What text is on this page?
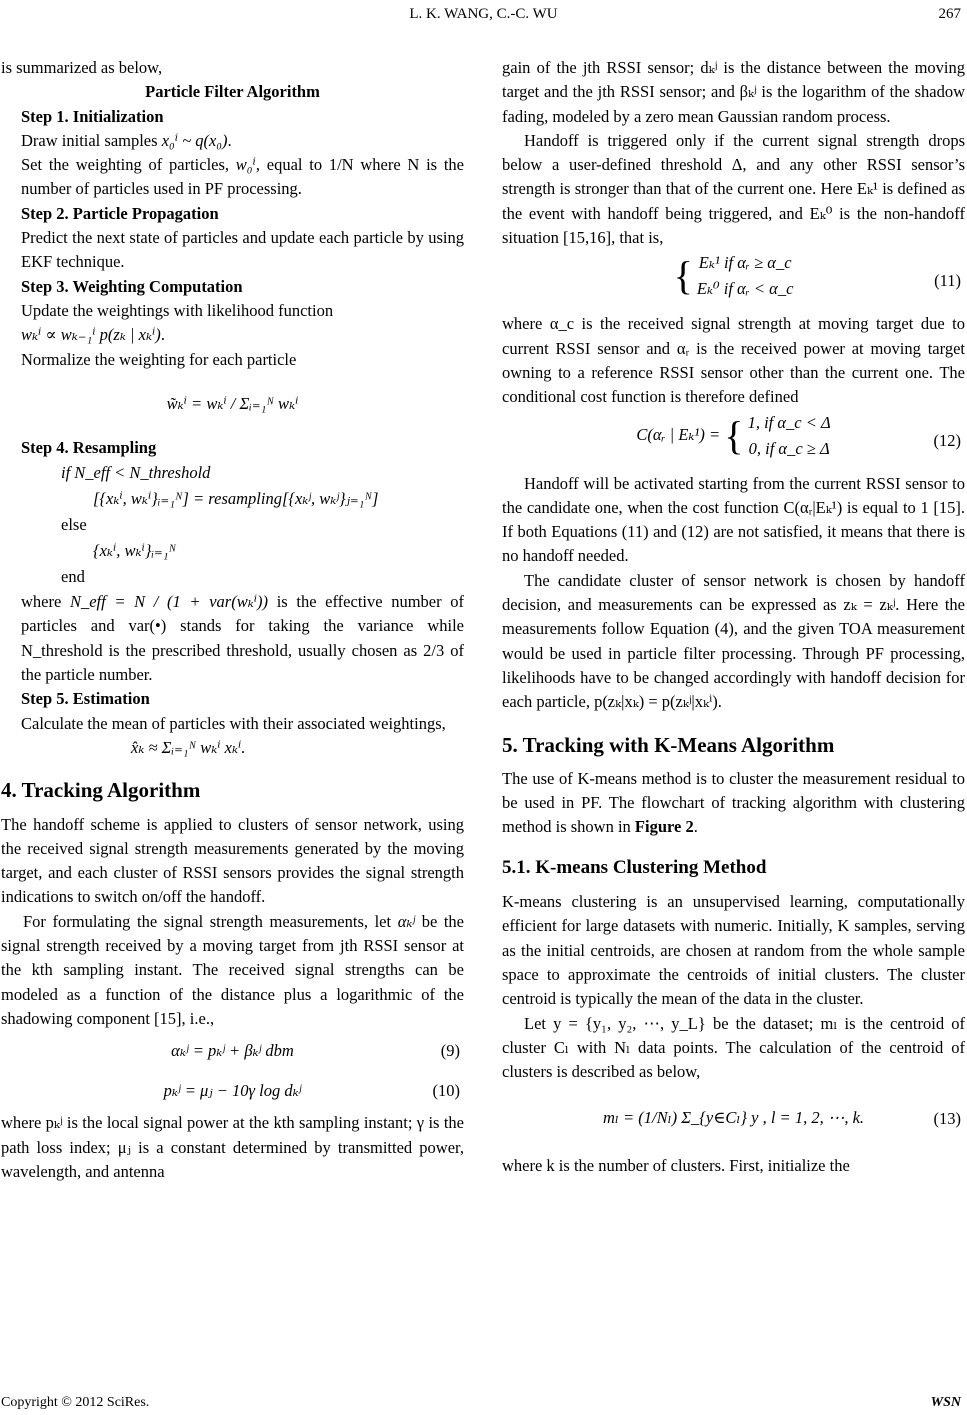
L. K. WANG, C.-C. WU	267

is summarized as below,

Particle Filter Algorithm

Step 1. Initialization

Draw initial samples x₀ⁱ ~ q(x₀).

Set the weighting of particles, w₀ⁱ, equal to 1/N where N is the number of particles used in PF processing.

Step 2. Particle Propagation

Predict the next state of particles and update each particle by using EKF technique.

Step 3. Weighting Computation

Update the weightings with likelihood function

wₖⁱ ∝ wₖ₋₁ⁱ p(zₖ | xₖⁱ).

Normalize the weighting for each particle

w̃ₖⁱ = wₖⁱ / Σᵢ₌₁ᴺ wₖⁱ

Step 4. Resampling

if N_eff < N_threshold
[{xₖⁱ, wₖⁱ}ᵢ₌₁ᴺ] = resampling[{xₖʲ, wₖʲ}ⱼ₌₁ᴺ]
else
{xₖⁱ, wₖⁱ}ᵢ₌₁ᴺ
end

where N_eff = N / (1 + var(wₖⁱ)) is the effective number of particles and var(•) stands for taking the variance while N_threshold is the prescribed threshold, usually chosen as 2/3 of the particle number.

Step 5. Estimation

Calculate the mean of particles with their associated weightings,

x̂ₖ ≈ Σᵢ₌₁ᴺ wₖⁱ xₖⁱ.

4. Tracking Algorithm

The handoff scheme is applied to clusters of sensor network, using the received signal strength measurements generated by the moving target, and each cluster of RSSI sensors provides the signal strength indications to switch on/off the handoff.

For formulating the signal strength measurements, let αₖʲ be the signal strength received by a moving target from jth RSSI sensor at the kth sampling instant. The received signal strengths can be modeled as a function of the distance plus a logarithmic of the shadowing component [15], i.e.,

αₖʲ = pₖʲ + βₖʲ dbm	(9)
pₖʲ = μⱼ − 10γ log dₖʲ	(10)

where pₖʲ is the local signal power at the kth sampling instant; γ is the path loss index; μⱼ is a constant determined by transmitted power, wavelength, and antenna

gain of the jth RSSI sensor; dₖʲ is the distance between the moving target and the jth RSSI sensor; and βₖʲ is the logarithm of the shadow fading, modeled by a zero mean Gaussian random process.

Handoff is triggered only if the current signal strength drops below a user-defined threshold Δ, and any other RSSI sensor’s strength is stronger than that of the current one. Here Eₖ¹ is defined as the event with handoff being triggered, and Eₖ⁰ is the non-handoff situation [15,16], that is,

{ Eₖ¹ if αᵣ ≥ α_c
Eₖ⁰ if αᵣ < α_c	(11)

where α_c is the received signal strength at moving target due to current RSSI sensor and αᵣ is the received power at moving target owning to a reference RSSI sensor other than the current one. The conditional cost function is therefore defined

C(αᵣ | Eₖ¹) = { 1, if α_c < Δ
0, if α_c ≥ Δ	(12)

Handoff will be activated starting from the current RSSI sensor to the candidate one, when the cost function C(αᵣ|Eₖ¹) is equal to 1 [15]. If both Equations (11) and (12) are not satisfied, it means that there is no handoff needed.

The candidate cluster of sensor network is chosen by handoff decision, and measurements can be expressed as zₖ = zₖʲ. Here the measurements follow Equation (4), and the given TOA measurement would be used in particle filter processing. Through PF processing, likelihoods have to be changed accordingly with handoff decision for each particle, p(zₖ|xₖ) = p(zₖʲ|xₖⁱ).

5. Tracking with K-Means Algorithm

The use of K-means method is to cluster the measurement residual to be used in PF. The flowchart of tracking algorithm with clustering method is shown in Figure 2.

5.1. K-means Clustering Method

K-means clustering is an unsupervised learning, computationally efficient for large datasets with numeric. Initially, K samples, serving as the initial centroids, are chosen at random from the whole sample space to approximate the centroids of initial clusters. The cluster centroid is typically the mean of the data in the cluster.

Let y = {y₁, y₂, ⋯, y_L} be the dataset; mₗ is the centroid of cluster Cₗ with Nₗ data points. The calculation of the centroid of clusters is described as below,

mₗ = (1/Nₗ) Σ_{y∈Cₗ} y , l = 1, 2, ⋯, k.	(13)

where k is the number of clusters. First, initialize the

Copyright © 2012 SciRes.	WSN
